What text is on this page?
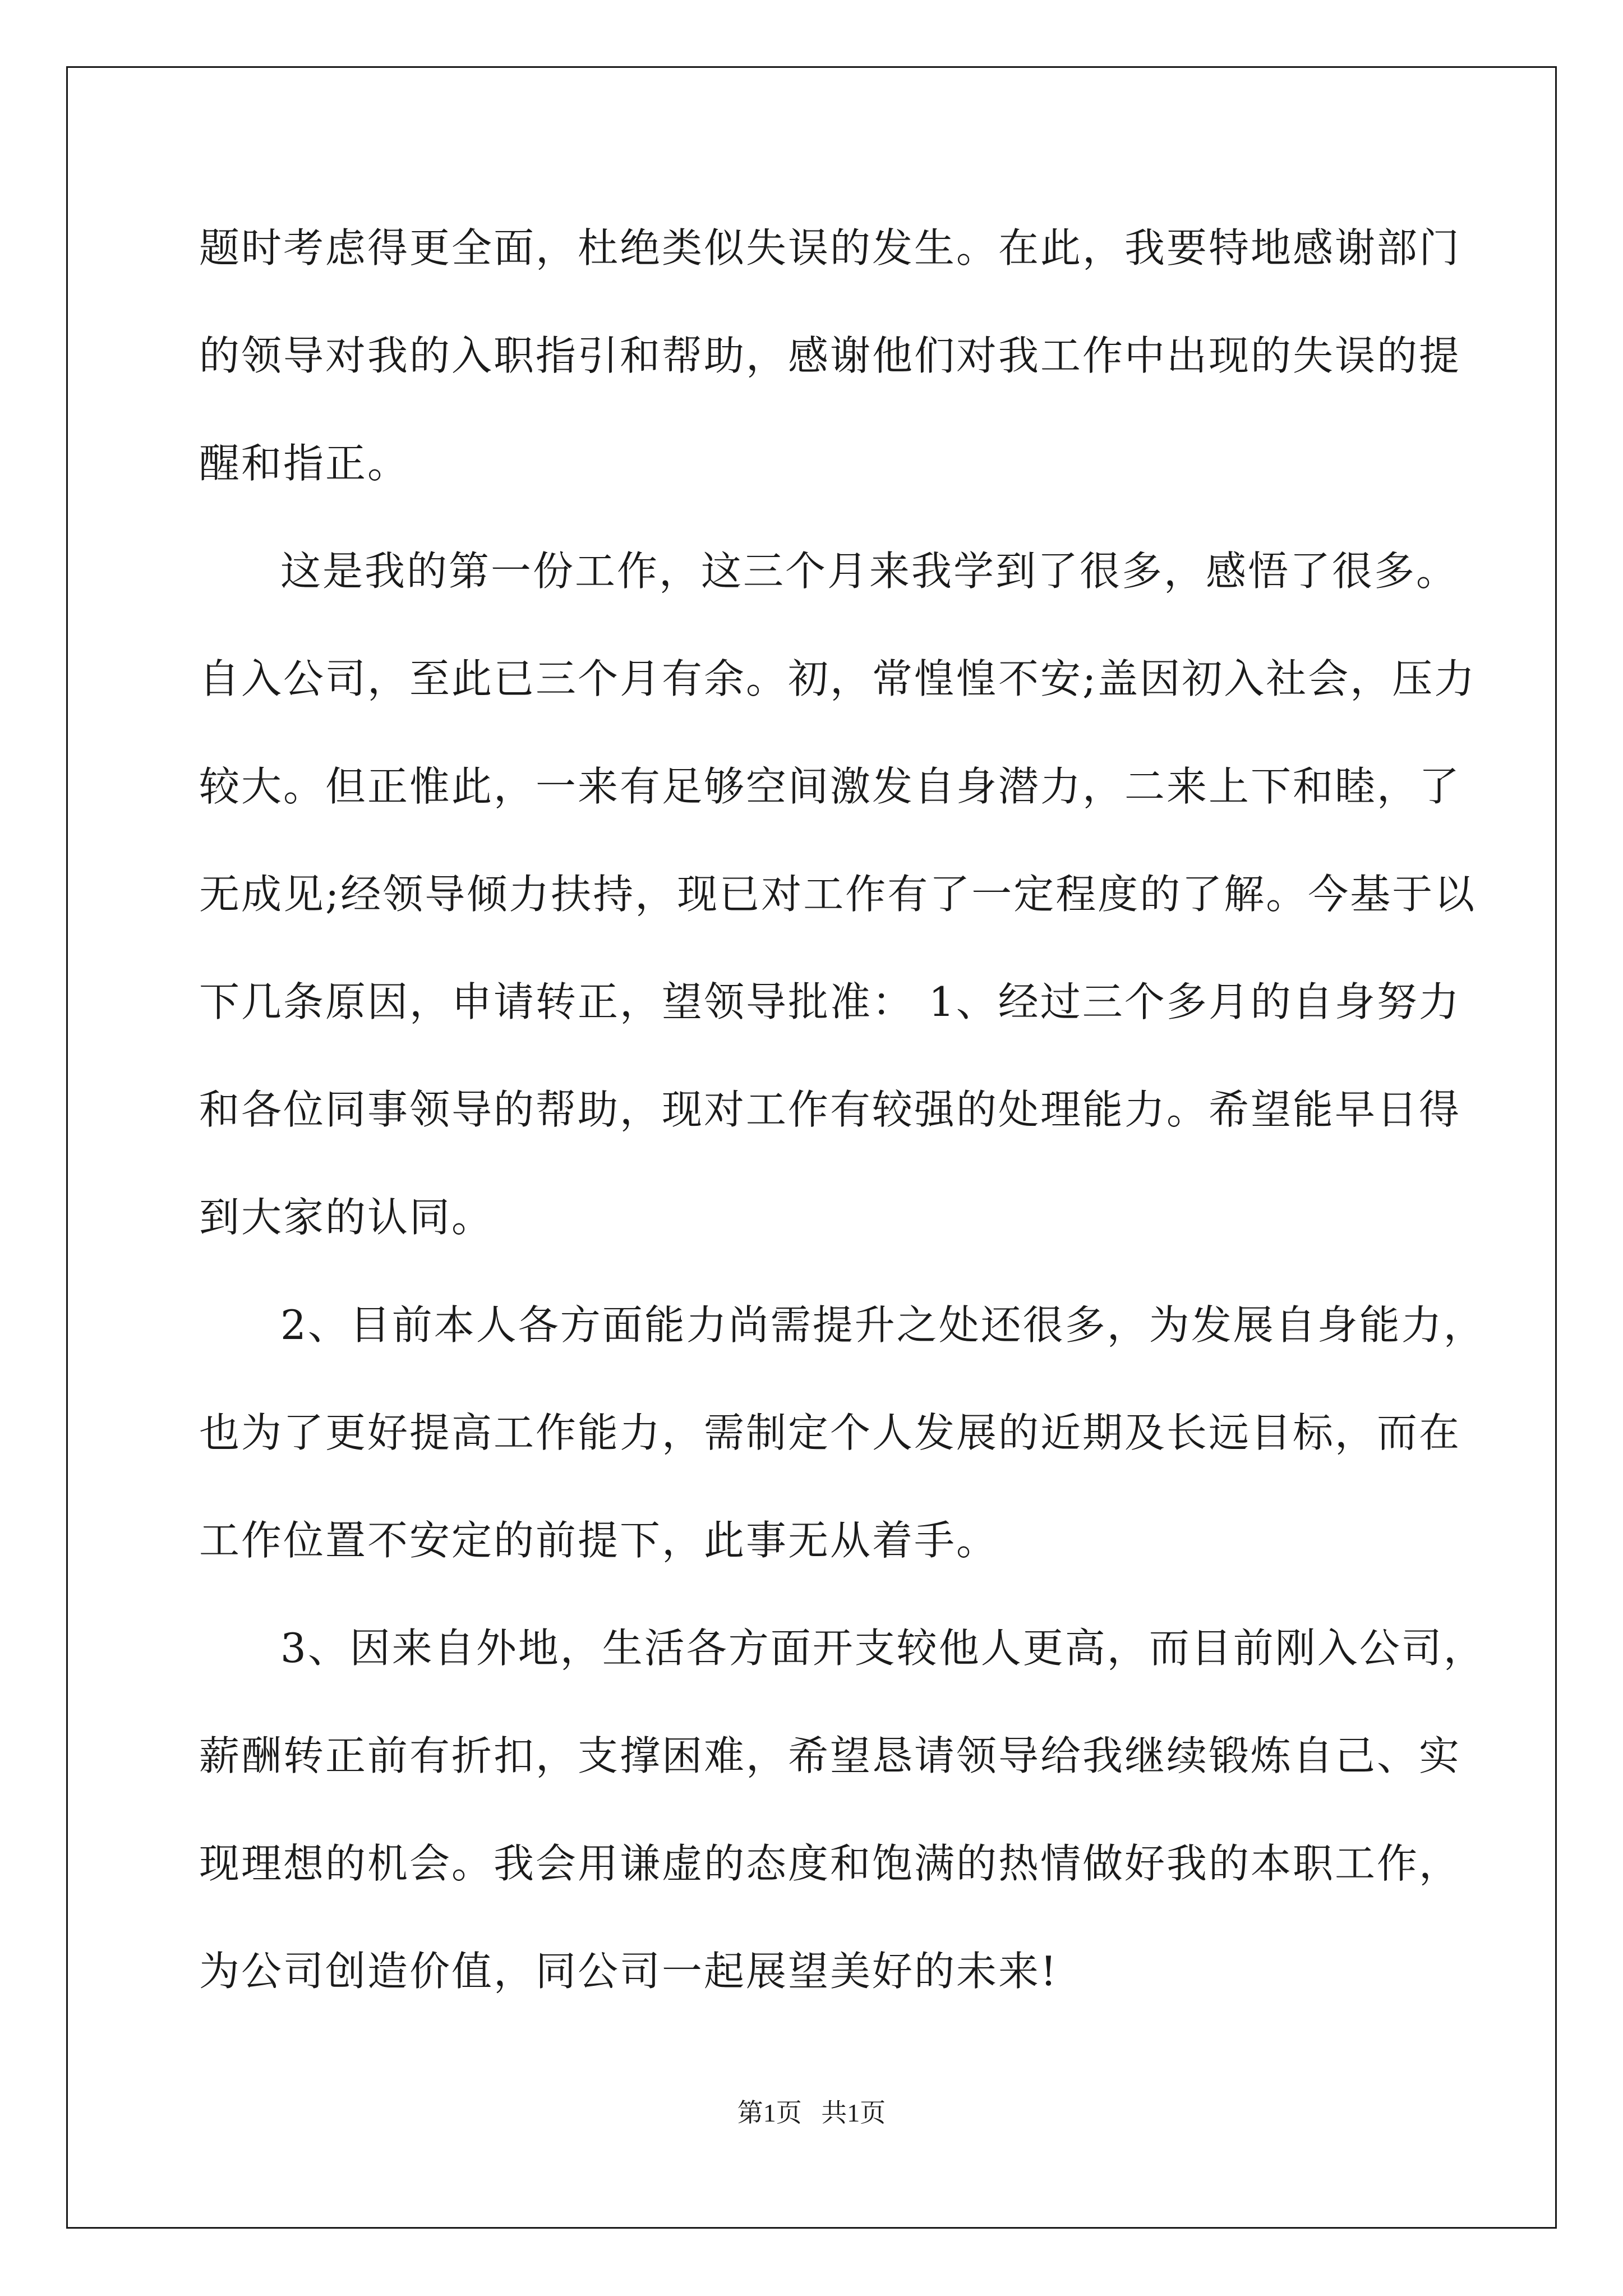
题时考虑得更全面，杜绝类似失误的发生。在此，我要特地感谢部门
的领导对我的入职指引和帮助，感谢他们对我工作中出现的失误的提
醒和指正。
这是我的第一份工作，这三个月来我学到了很多，感悟了很多。
自入公司，至此已三个月有余。初，常惶惶不安;盖因初入社会，压力
较大。但正惟此，一来有足够空间激发自身潜力，二来上下和睦，了
无成见;经领导倾力扶持，现已对工作有了一定程度的了解。今基于以
下几条原因，申请转正，望领导批准： 1、经过三个多月的自身努力
和各位同事领导的帮助，现对工作有较强的处理能力。希望能早日得
到大家的认同。
2、目前本人各方面能力尚需提升之处还很多，为发展自身能力，
也为了更好提高工作能力，需制定个人发展的近期及长远目标，而在
工作位置不安定的前提下，此事无从着手。
3、因来自外地，生活各方面开支较他人更高，而目前刚入公司，
薪酬转正前有折扣，支撑困难，希望恳请领导给我继续锻炼自己、实
现理想的机会。我会用谦虚的态度和饱满的热情做好我的本职工作，
为公司创造价值，同公司一起展望美好的未来!
第1页   共1页
